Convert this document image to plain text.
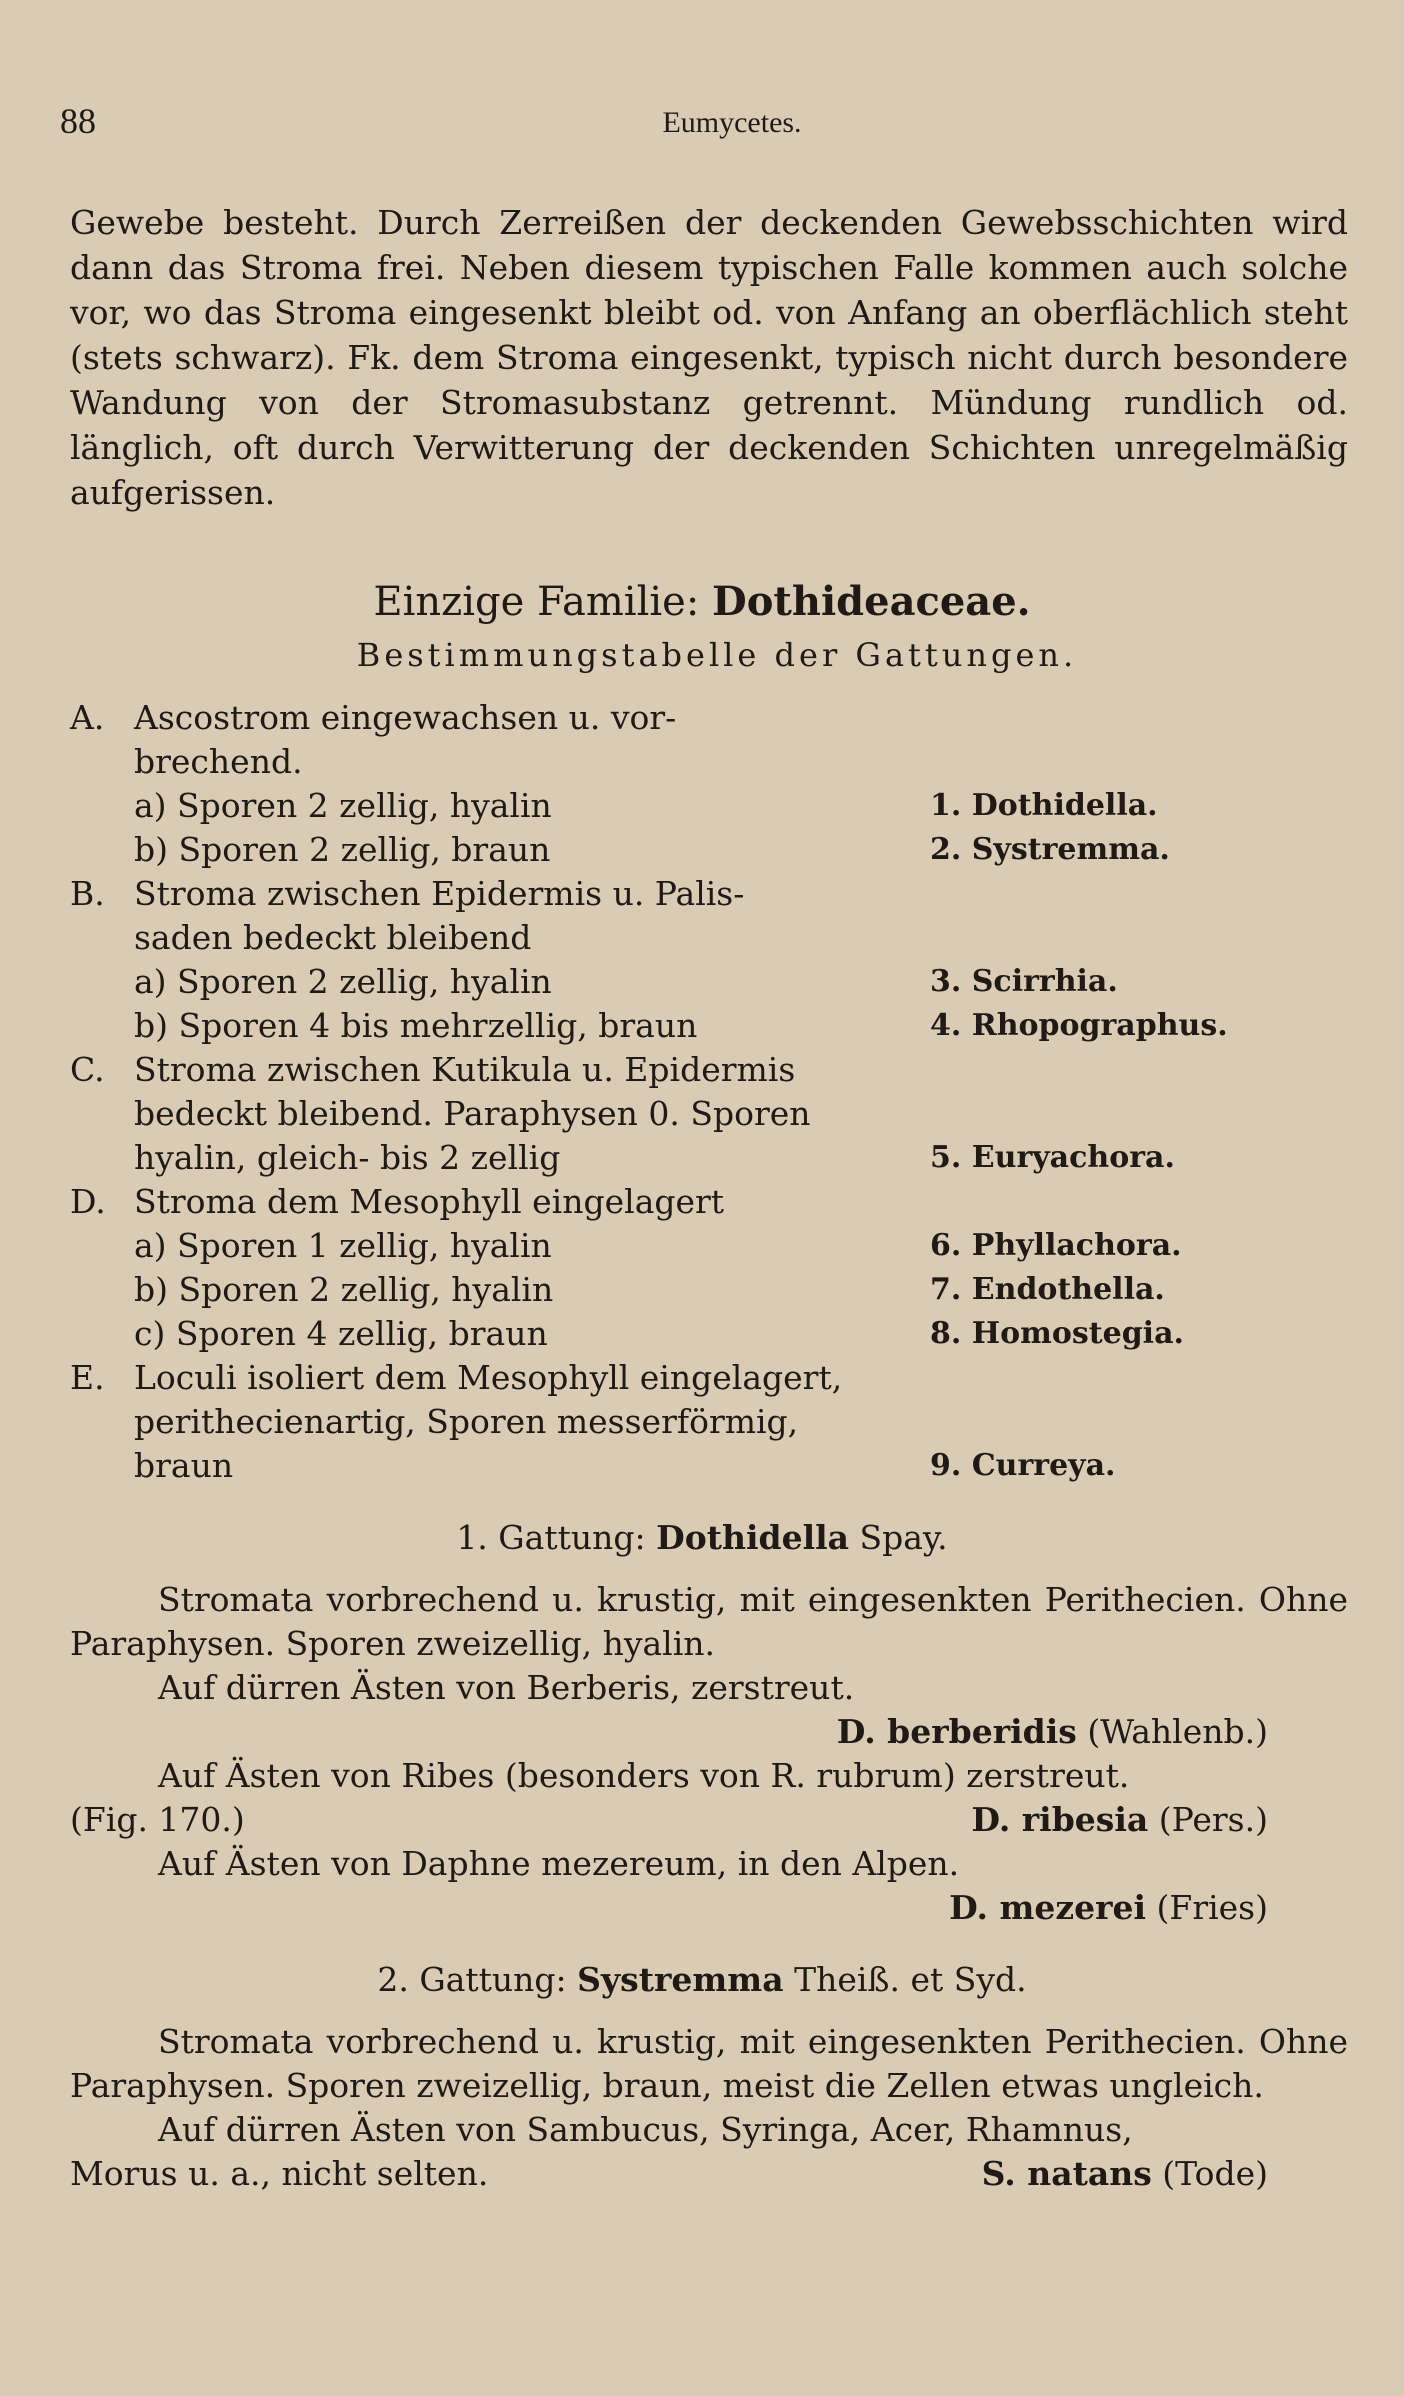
88	Eumycetes.
Gewebe besteht. Durch Zerreißen der deckenden Gewebsschichten wird dann das Stroma frei. Neben diesem typischen Falle kommen auch solche vor, wo das Stroma eingesenkt bleibt od. von Anfang an oberflächlich steht (stets schwarz). Fk. dem Stroma eingesenkt, typisch nicht durch besondere Wandung von der Stromasubstanz getrennt. Mündung rundlich od. länglich, oft durch Verwitterung der deckenden Schichten unregelmäßig aufgerissen.
Einzige Familie: Dothideaceae.
Bestimmungstabelle der Gattungen.
A. Ascostrom eingewachsen u. vor-
brechend.
a) Sporen 2 zellig, hyalin	1. Dothidella.
b) Sporen 2 zellig, braun	2. Systremma.
B. Stroma zwischen Epidermis u. Palis-
saden bedeckt bleibend
a) Sporen 2 zellig, hyalin	3. Scirrhia.
b) Sporen 4 bis mehrzellig, braun	4. Rhopographus.
C. Stroma zwischen Kutikula u. Epidermis
bedeckt bleibend. Paraphysen 0. Sporen
hyalin, gleich- bis 2 zellig	5. Euryachora.
D. Stroma dem Mesophyll eingelagert
a) Sporen 1 zellig, hyalin	6. Phyllachora.
b) Sporen 2 zellig, hyalin	7. Endothella.
c) Sporen 4 zellig, braun	8. Homostegia.
E. Loculi isoliert dem Mesophyll eingelagert,
perithecienartig, Sporen messerförmig,
braun	9. Curreya.
1. Gattung: Dothidella Spay.
Stromata vorbrechend u. krustig, mit eingesenkten Perithecien. Ohne Paraphysen. Sporen zweizellig, hyalin.
Auf dürren Ästen von Berberis, zerstreut.
D. berberidis (Wahlenb.)
Auf Ästen von Ribes (besonders von R. rubrum) zerstreut.
(Fig. 170.)	D. ribesia (Pers.)
Auf Ästen von Daphne mezereum, in den Alpen.
D. mezerei (Fries)
2. Gattung: Systremma Theiß. et Syd.
Stromata vorbrechend u. krustig, mit eingesenkten Perithecien. Ohne Paraphysen. Sporen zweizellig, braun, meist die Zellen etwas ungleich.
Auf dürren Ästen von Sambucus, Syringa, Acer, Rhamnus,
Morus u. a., nicht selten.	S. natans (Tode)
